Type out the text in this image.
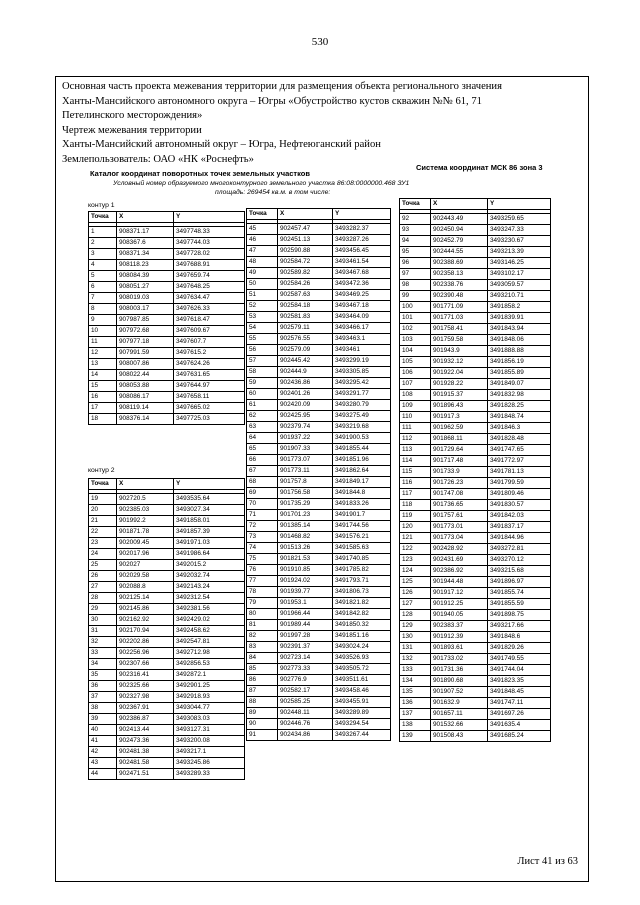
530
Основная часть проекта межевания территории для размещения объекта регионального значения
Ханты-Мансийского автономного округа – Югры «Обустройство кустов скважин №№ 61, 71
Петелинского месторождения»
Чертеж межевания территории
Ханты-Мансийский автономный округ – Югра, Нефтеюганский район
Землепользователь: ОАО «НК «Роснефть»
Каталог координат поворотных точек земельных участков
Система координат МСК 86 зона 3
Условный номер образуемого многоконтурного земельного участка 86:08:0000000.468 ЗУ1
площадь: 269454 кв.м. в том числе:
контур 1
контур 2
Точка	X	Y

1	908371.17	3497748.33
2	908367.6	3497744.03
3	908371.34	3497728.02
4	908118.23	3497688.91
5	908084.39	3497659.74
6	908051.27	3497648.25
7	908019.03	3497634.47
8	908003.17	3497626.33
9	907987.85	3497618.47
10	907972.68	3497609.67
11	907977.18	3497607.7
12	907991.59	3497615.2
13	908007.86	3497624.26
14	908022.44	3497631.65
15	908053.88	3497644.97
16	908086.17	3497658.11
17	908119.14	3497665.02
18	908376.14	3497725.03
Точка	X	Y

19	902720.5	3493535.64
20	902385.03	3493027.34
21	901992.2	3491858.01
22	901871.78	3491857.39
23	902009.45	3491971.03
24	902017.96	3491986.64
25	902027	3492015.2
26	902029.58	3492032.74
27	902088.8	3492143.24
28	902125.14	3492312.54
29	902145.86	3492381.56
30	902162.92	3492429.02
31	902170.94	3492458.62
32	902202.86	3492547.81
33	902256.96	3492712.98
34	902307.66	3492856.53
35	902316.41	3492872.1
36	902325.66	3492901.25
37	902327.98	3492918.93
38	902367.91	3493044.77
39	902386.87	3493083.03
40	902413.44	3493127.31
41	902473.36	3493200.08
42	902481.38	3493217.1
43	902481.58	3493245.86
44	902471.51	3493289.33
Точка	X	Y

45	902457.47	3493282.37
46	902451.13	3493287.26
47	902590.88	3493456.45
48	902584.72	3493461.54
49	902589.82	3493467.68
50	902584.26	3493472.36
51	902587.63	3493469.25
52	902584.18	3493467.18
53	902581.83	3493464.09
54	902579.11	3493466.17
55	902576.55	3493463.1
56	902579.09	3493461
57	902445.42	3493299.19
58	902444.9	3493305.85
59	902436.86	3493295.42
60	902401.26	3493291.77
61	902420.09	3493280.79
62	902425.95	3493275.49
63	902379.74	3493219.68
64	901937.22	3491900.53
65	901907.33	3491855.44
66	901773.07	3491851.96
67	901773.11	3491862.64
68	901757.8	3491849.17
69	901756.58	3491844.8
70	901735.29	3491833.26
71	901701.23	3491901.7
72	901385.14	3491744.56
73	901468.82	3491576.21
74	901513.26	3491585.63
75	901821.53	3491740.85
76	901910.85	3491785.82
77	901924.02	3491793.71
78	901939.77	3491806.73
79	901953.1	3491821.82
80	901966.44	3491842.82
81	901989.44	3491850.32
82	901997.28	3491851.16
83	902391.37	3493024.24
84	902723.14	3493526.93
85	902773.33	3493505.72
86	902776.9	3493511.61
87	902582.17	3493458.46
88	902585.25	3493455.91
89	902448.11	3493289.89
90	902446.76	3493294.54
91	902434.86	3493267.44
Точка	X	Y

92	902443.49	3493259.65
93	902450.94	3493247.33
94	902452.79	3493230.67
95	902444.55	3493213.39
96	902388.69	3493146.25
97	902358.13	3493102.17
98	902338.76	3493059.57
99	902390.48	3493210.71
100	901771.09	3491858.2
101	901771.03	3491839.91
102	901758.41	3491843.94
103	901759.58	3491848.06
104	901943.9	3491888.88
105	901932.12	3491856.19
106	901922.04	3491855.89
107	901928.22	3491849.07
108	901915.37	3491832.98
109	901896.43	3491828.25
110	901917.3	3491848.74
111	901962.59	3491846.3
112	901868.11	3491828.48
113	901729.64	3491747.65
114	901717.48	3491772.97
115	901733.9	3491781.13
116	901726.23	3491799.59
117	901747.08	3491809.46
118	901736.65	3491830.57
119	901757.61	3491842.03
120	901773.01	3491837.17
121	901773.04	3491844.96
122	902428.92	3493272.81
123	902431.69	3493270.12
124	902386.92	3493215.68
125	901944.48	3491896.97
126	901917.12	3491855.74
127	901912.25	3491855.59
128	901940.05	3491898.75
129	902383.37	3493217.66
130	901912.39	3491848.6
131	901893.61	3491829.26
132	901733.02	3491749.55
133	901731.36	3491744.04
134	901890.68	3491823.35
135	901907.52	3491848.45
136	901632.9	3491747.11
137	901657.11	3491697.26
138	901532.66	3491635.4
139	901508.43	3491685.24
Лист 41 из 63
